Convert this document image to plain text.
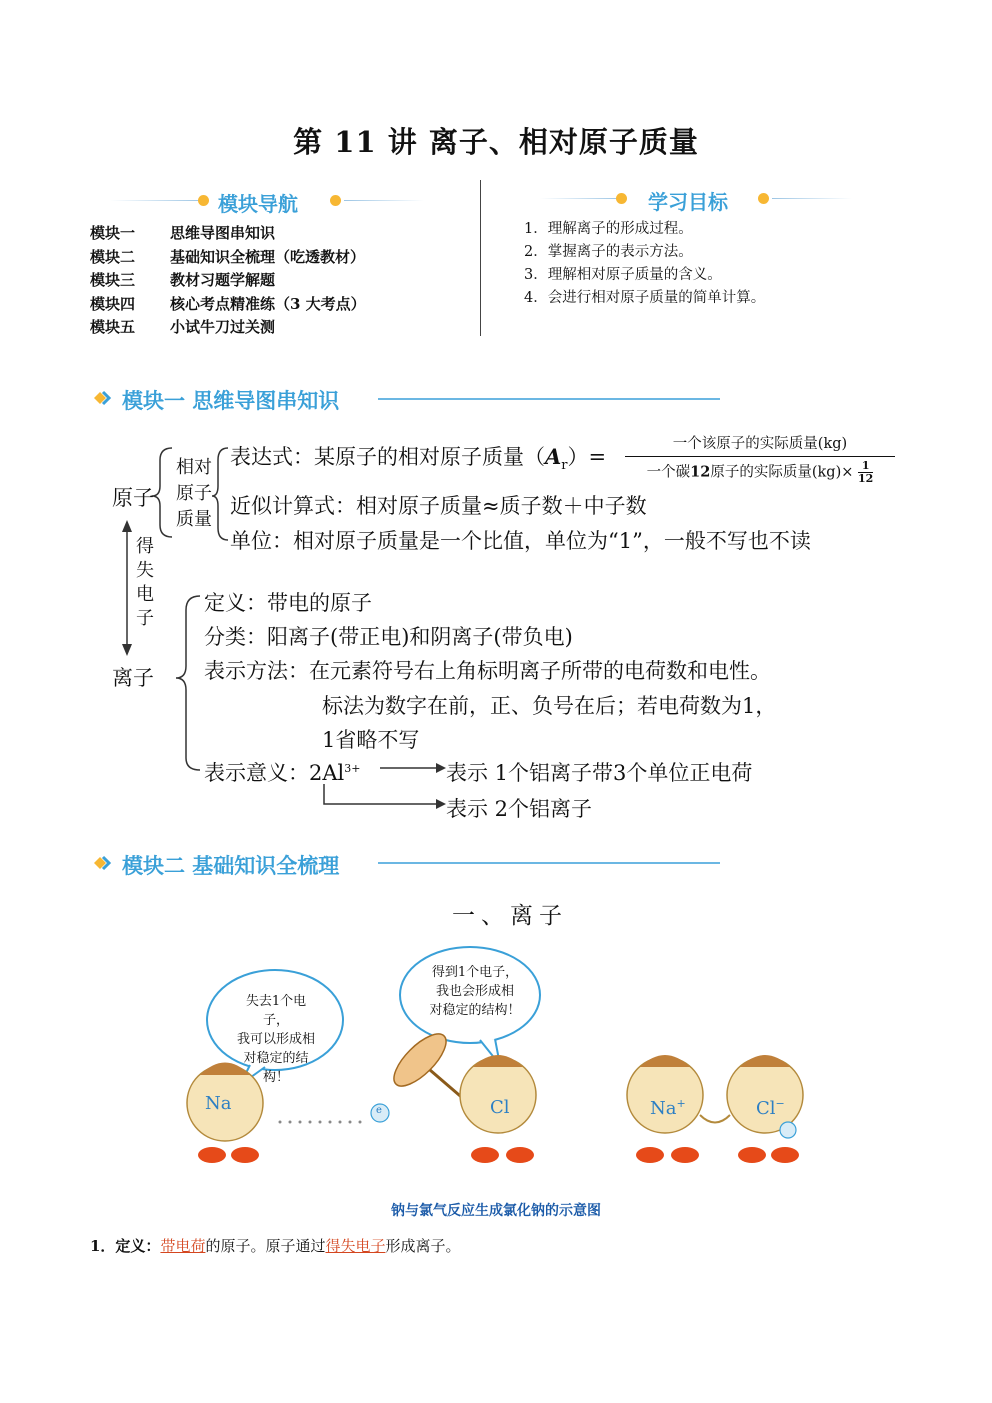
第 11 讲 离子、相对原子质量
模块导航
模块一 思维导图串知识
模块二 基础知识全梳理（吃透教材）
模块三 教材习题学解题
模块四 核心考点精准练（3 大考点）
模块五 小试牛刀过关测
学习目标
1．理解离子的形成过程。
2．掌握离子的表示方法。
3．理解相对原子质量的含义。
4．会进行相对原子质量的简单计算。
模块一 思维导图串知识
原子
相对
原子
质量
表达式：某原子的相对原子质量$(A_r)=$
一个该原子的实际质量(kg)
一个碳12原子的实际质量$(kg)\times \frac{1}{12}$
近似计算式：相对原子质量≈质子数＋中子数
单位：相对原子质量是一个比值，单位为“1”，一般不写也不读
得
失
电
子
离子
定义：带电的原子
分类：阳离子(带正电)和阴离子(带负电)
表示方法：在元素符号右上角标明离子所带的电荷数和电性。
标法为数字在前，正、负号在后；若电荷数为1，
1省略不写
表示意义：$2Al^{3+}$	表示 1个铝离子带3个单位正电荷
表示 2个铝离子
模块二 基础知识全梳理
一、离子
失去1个电子，
我可以形成相
对稳定的结构！
得到1个电子，
我也会形成相
对稳定的结构！
Na	e	Cl	Na+	Cl−
钠与氯气反应生成氯化钠的示意图
1．定义：带电荷的原子。原子通过得失电子形成离子。
